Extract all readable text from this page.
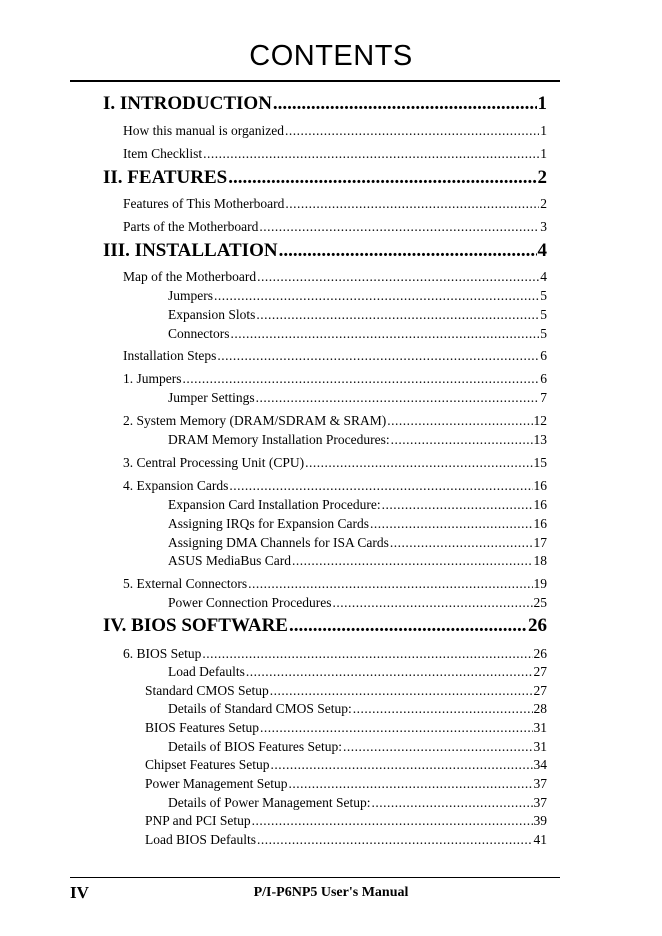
CONTENTS
I. INTRODUCTION .....	1
How this manual is organized .....	1
Item Checklist .....	1
II. FEATURES .....	2
Features of This Motherboard .....	2
Parts of the Motherboard .....	3
III. INSTALLATION .....	4
Map of the Motherboard .....	4
Jumpers .....	5
Expansion Slots .....	5
Connectors .....	5
Installation Steps .....	6
1. Jumpers .....	6
Jumper Settings .....	7
2. System Memory (DRAM/SDRAM & SRAM) .....	12
DRAM Memory Installation Procedures: .....	13
3. Central Processing Unit (CPU) .....	15
4. Expansion Cards .....	16
Expansion Card Installation Procedure: .....	16
Assigning IRQs for Expansion Cards .....	16
Assigning DMA Channels for ISA Cards .....	17
ASUS MediaBus Card .....	18
5. External Connectors .....	19
Power Connection Procedures .....	25
IV. BIOS SOFTWARE .....	26
6. BIOS Setup .....	26
Load Defaults .....	27
Standard CMOS Setup .....	27
Details of Standard CMOS Setup: .....	28
BIOS Features Setup .....	31
Details of BIOS Features Setup: .....	31
Chipset Features Setup .....	34
Power Management Setup .....	37
Details of Power Management Setup: .....	37
PNP and PCI Setup .....	39
Load BIOS Defaults .....	41
IV	P/I-P6NP5 User's Manual
